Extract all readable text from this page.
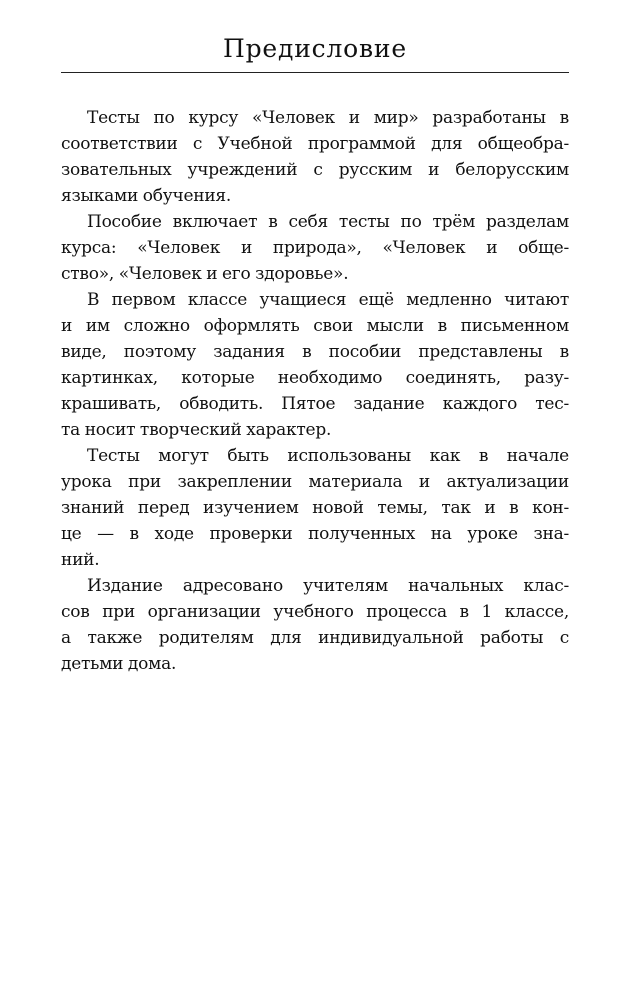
Предисловие
Тесты по курсу «Человек и мир» разработаны в
соответствии с Учебной программой для общеобра-
зовательных учреждений с русским и белорусским
языками обучения.
Пособие включает в себя тесты по трём разделам
курса: «Человек и природа», «Человек и обще-
ство», «Человек и его здоровье».
В первом классе учащиеся ещё медленно читают
и им сложно оформлять свои мысли в письменном
виде, поэтому задания в пособии представлены в
картинках, которые необходимо соединять, разу-
крашивать, обводить. Пятое задание каждого тес-
та носит творческий характер.
Тесты могут быть использованы как в начале
урока при закреплении материала и актуализации
знаний перед изучением новой темы, так и в кон-
це — в ходе проверки полученных на уроке зна-
ний.
Издание адресовано учителям начальных клас-
сов при организации учебного процесса в 1 классе,
а также родителям для индивидуальной работы с
детьми дома.
